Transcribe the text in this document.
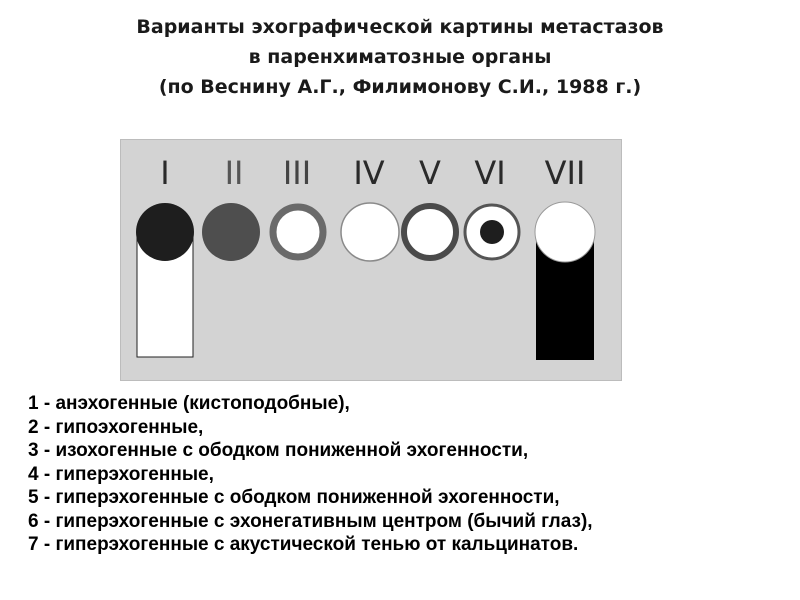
Варианты эхографической картины метастазов
в паренхиматозные органы
(по Веснину А.Г., Филимонову С.И., 1988 г.)
I II III IV V VI VII
1 - анэхогенные (кистоподобные),
2 - гипоэхогенные,
3 - изохогенные с ободком пониженной эхогенности,
4 - гиперэхогенные,
5 - гиперэхогенные с ободком пониженной эхогенности,
6 - гиперэхогенные с эхонегативным центром (бычий глаз),
7 - гиперэхогенные с акустической тенью от кальцинатов.
